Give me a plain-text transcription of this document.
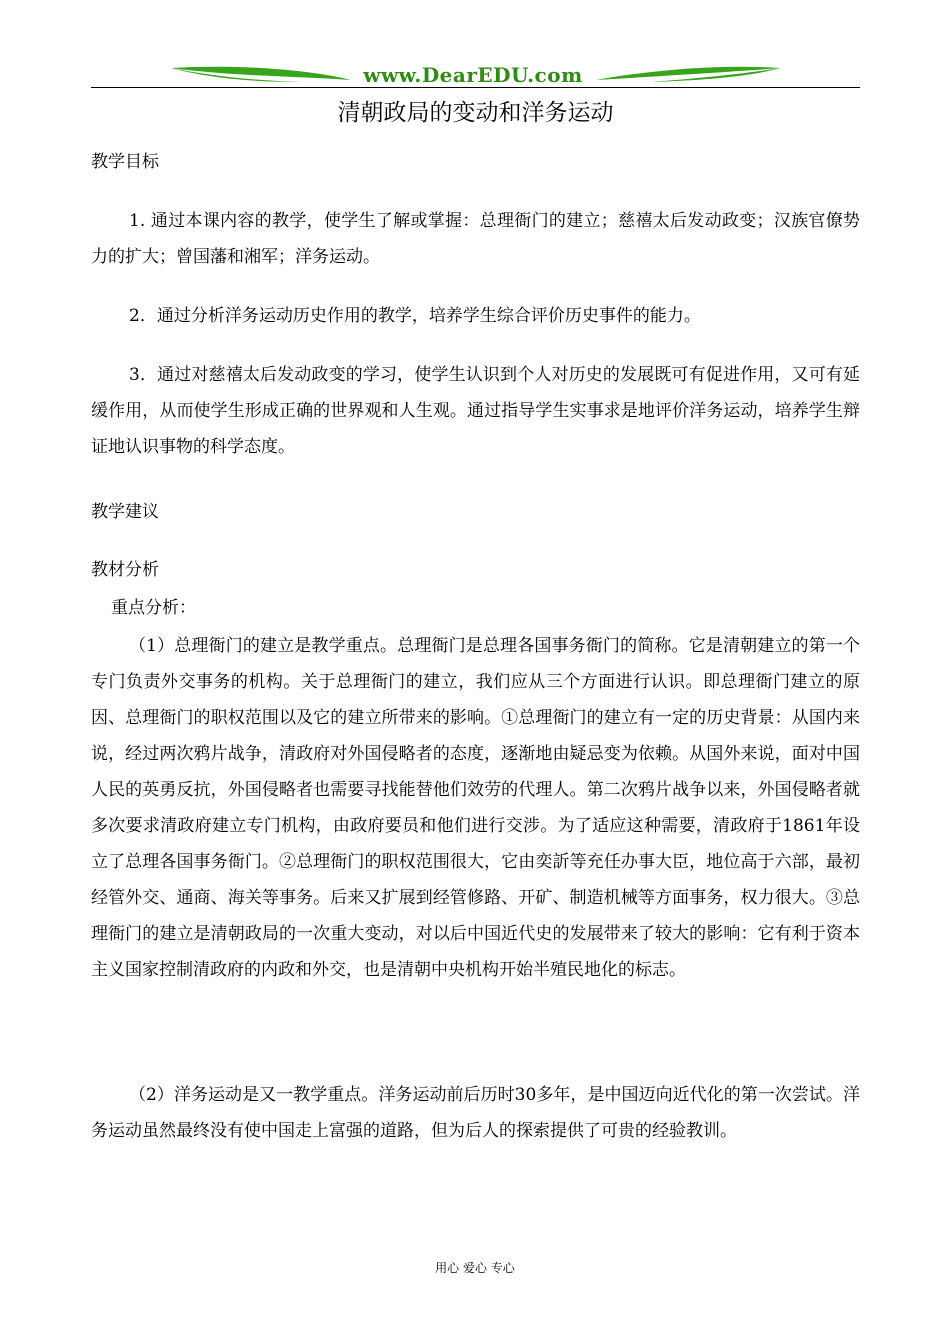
www.DearEDU.com
清朝政局的变动和洋务运动
教学目标

1. 通过本课内容的教学，使学生了解或掌握：总理衙门的建立；慈禧太后发动政变；汉族官僚势力的扩大；曾国藩和湘军；洋务运动。

2．通过分析洋务运动历史作用的教学，培养学生综合评价历史事件的能力。

3．通过对慈禧太后发动政变的学习，使学生认识到个人对历史的发展既可有促进作用，又可有延缓作用，从而使学生形成正确的世界观和人生观。通过指导学生实事求是地评价洋务运动，培养学生辩证地认识事物的科学态度。

教学建议
教材分析
重点分析：

（1）总理衙门的建立是教学重点。总理衙门是总理各国事务衙门的简称。它是清朝建立的第一个专门负责外交事务的机构。关于总理衙门的建立，我们应从三个方面进行认识。即总理衙门建立的原因、总理衙门的职权范围以及它的建立所带来的影响。①总理衙门的建立有一定的历史背景：从国内来说，经过两次鸦片战争，清政府对外国侵略者的态度，逐渐地由疑忌变为依赖。从国外来说，面对中国人民的英勇反抗，外国侵略者也需要寻找能替他们效劳的代理人。第二次鸦片战争以来，外国侵略者就多次要求清政府建立专门机构，由政府要员和他们进行交涉。为了适应这种需要，清政府于1861年设立了总理各国事务衙门。②总理衙门的职权范围很大，它由奕訢等充任办事大臣，地位高于六部，最初经管外交、通商、海关等事务。后来又扩展到经管修路、开矿、制造机械等方面事务，权力很大。③总理衙门的建立是清朝政局的一次重大变动，对以后中国近代史的发展带来了较大的影响：它有利于资本主义国家控制清政府的内政和外交，也是清朝中央机构开始半殖民地化的标志。

（2）洋务运动是又一教学重点。洋务运动前后历时30多年，是中国迈向近代化的第一次尝试。洋务运动虽然最终没有使中国走上富强的道路，但为后人的探索提供了可贵的经验教训。

用心 爱心 专心
